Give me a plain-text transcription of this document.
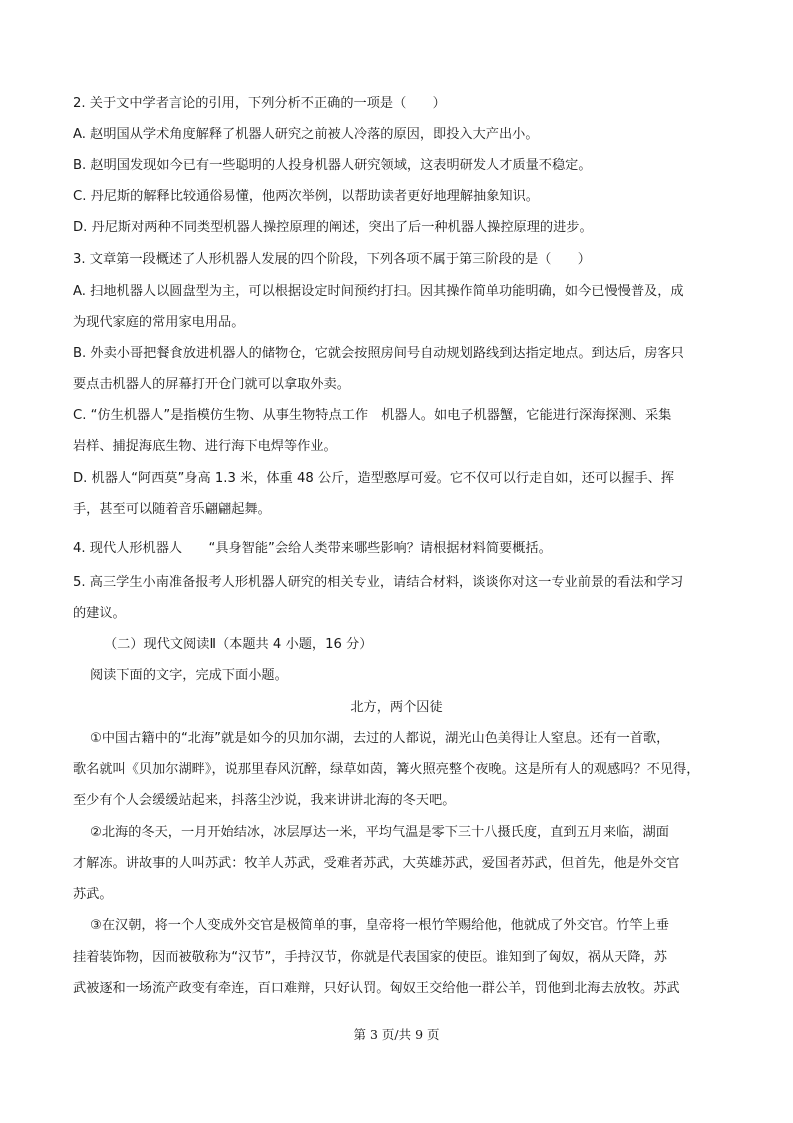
2. 关于文中学者言论的引用，下列分析不正确的一项是（　　）
A. 赵明国从学术角度解释了机器人研究之前被人冷落的原因，即投入大产出小。
B. 赵明国发现如今已有一些聪明的人投身机器人研究领域，这表明研发人才质量不稳定。
C. 丹尼斯的解释比较通俗易懂，他两次举例，以帮助读者更好地理解抽象知识。
D. 丹尼斯对两种不同类型机器人操控原理的阐述，突出了后一种机器人操控原理的进步。
3. 文章第一段概述了人形机器人发展的四个阶段，下列各项不属于第三阶段的是（　　）
A. 扫地机器人以圆盘型为主，可以根据设定时间预约打扫。因其操作简单功能明确，如今已慢慢普及，成
为现代家庭的常用家电用品。
B. 外卖小哥把餐食放进机器人的储物仓，它就会按照房间号自动规划路线到达指定地点。到达后，房客只
要点击机器人的屏幕打开仓门就可以拿取外卖。
C. “仿生机器人”是指模仿生物、从事生物特点工作　机器人。如电子机器蟹，它能进行深海探测、采集
岩样、捕捉海底生物、进行海下电焊等作业。
D. 机器人“阿西莫”身高 1.3 米，体重 48 公斤，造型憨厚可爱。它不仅可以行走自如，还可以握手、挥
手，甚至可以随着音乐翩翩起舞。
4. 现代人形机器人　　“具身智能”会给人类带来哪些影响？请根据材料简要概括。
5. 高三学生小南准备报考人形机器人研究的相关专业，请结合材料，谈谈你对这一专业前景的看法和学习
的建议。
（二）现代文阅读Ⅱ（本题共 4 小题，16 分）
阅读下面的文字，完成下面小题。
北方，两个囚徒
①中国古籍中的“北海”就是如今的贝加尔湖，去过的人都说，湖光山色美得让人窒息。还有一首歌，
歌名就叫《贝加尔湖畔》，说那里春风沉醉，绿草如茵，篝火照亮整个夜晚。这是所有人的观感吗？不见得，
至少有个人会缓缓站起来，抖落尘沙说，我来讲讲北海的冬天吧。
②北海的冬天，一月开始结冰，冰层厚达一米，平均气温是零下三十八摄氏度，直到五月来临，湖面
才解冻。讲故事的人叫苏武：牧羊人苏武，受难者苏武，大英雄苏武，爱国者苏武，但首先，他是外交官
苏武。
③在汉朝，将一个人变成外交官是极简单的事，皇帝将一根竹竿赐给他，他就成了外交官。竹竿上垂
挂着装饰物，因而被敬称为“汉节”，手持汉节，你就是代表国家的使臣。谁知到了匈奴，祸从天降，苏
武被逐和一场流产政变有牵连，百口难辩，只好认罚。匈奴王交给他一群公羊，罚他到北海去放牧。苏武
第 3 页/共 9 页
